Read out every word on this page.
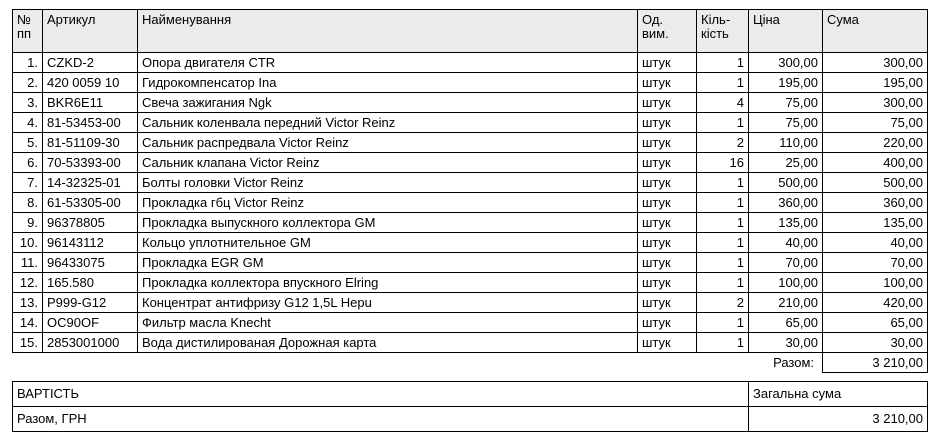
№ пп	Артикул	Найменування	Од. вим.	Кіль-кість	Ціна	Сума
1.	CZKD-2	Опора двигателя CTR	штук	1	300,00	300,00
2.	420 0059 10	Гидрокомпенсатор Ina	штук	1	195,00	195,00
3.	BKR6E11	Свеча зажигания Ngk	штук	4	75,00	300,00
4.	81-53453-00	Сальник коленвала передний Victor Reinz	штук	1	75,00	75,00
5.	81-51109-30	Сальник распредвала Victor Reinz	штук	2	110,00	220,00
6.	70-53393-00	Сальник клапана Victor Reinz	штук	16	25,00	400,00
7.	14-32325-01	Болты головки Victor Reinz	штук	1	500,00	500,00
8.	61-53305-00	Прокладка гбц Victor Reinz	штук	1	360,00	360,00
9.	96378805	Прокладка выпускного коллектора GM	штук	1	135,00	135,00
10.	96143112	Кольцо уплотнительное GM	штук	1	40,00	40,00
11.	96433075	Прокладка EGR GM	штук	1	70,00	70,00
12.	165.580	Прокладка коллектора впускного Elring	штук	1	100,00	100,00
13.	P999-G12	Концентрат антифризу G12 1,5L Hepu	штук	2	210,00	420,00
14.	OC90OF	Фильтр масла Knecht	штук	1	65,00	65,00
15.	2853001000	Вода дистилированая Дорожная карта	штук	1	30,00	30,00
					Разом:	3 210,00
ВАРТІСТЬ	Загальна сума
Разом, ГРН	3 210,00
